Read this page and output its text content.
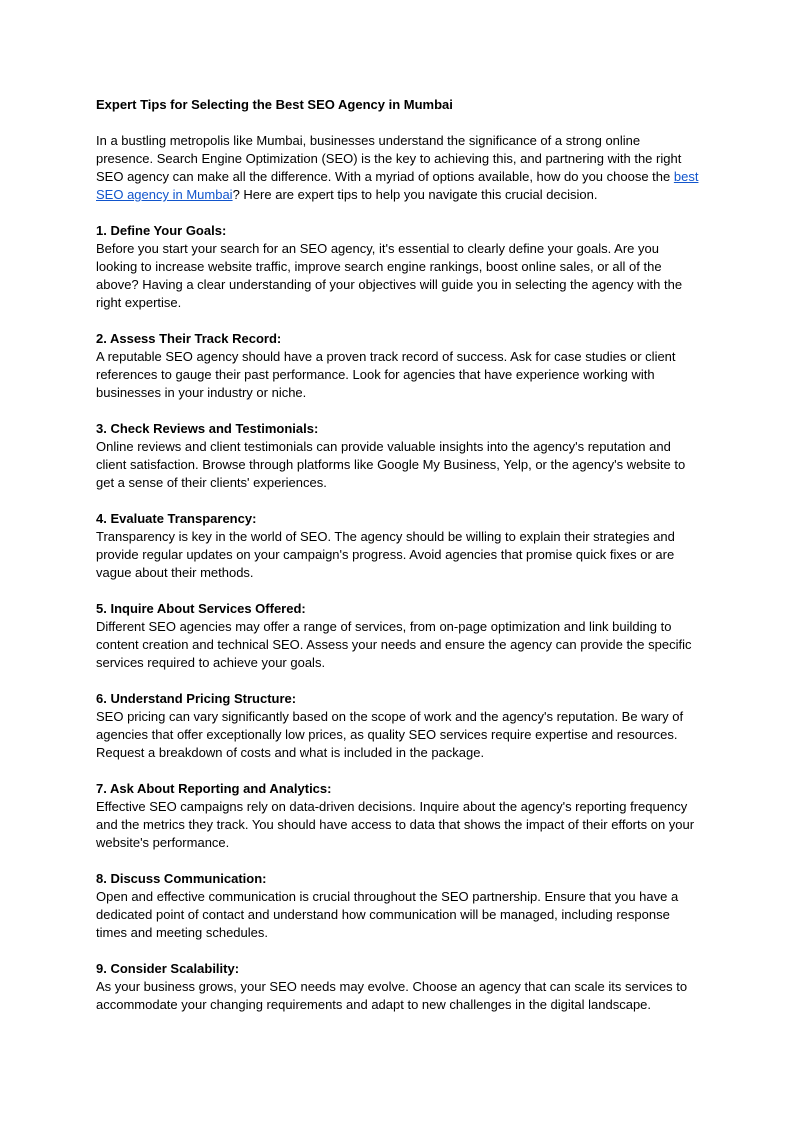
Expert Tips for Selecting the Best SEO Agency in Mumbai

In a bustling metropolis like Mumbai, businesses understand the significance of a strong online presence. Search Engine Optimization (SEO) is the key to achieving this, and partnering with the right SEO agency can make all the difference. With a myriad of options available, how do you choose the best SEO agency in Mumbai? Here are expert tips to help you navigate this crucial decision.

1. Define Your Goals:
Before you start your search for an SEO agency, it's essential to clearly define your goals. Are you looking to increase website traffic, improve search engine rankings, boost online sales, or all of the above? Having a clear understanding of your objectives will guide you in selecting the agency with the right expertise.
2. Assess Their Track Record:
A reputable SEO agency should have a proven track record of success. Ask for case studies or client references to gauge their past performance. Look for agencies that have experience working with businesses in your industry or niche.
3. Check Reviews and Testimonials:
Online reviews and client testimonials can provide valuable insights into the agency's reputation and client satisfaction. Browse through platforms like Google My Business, Yelp, or the agency's website to get a sense of their clients' experiences.
4. Evaluate Transparency:
Transparency is key in the world of SEO. The agency should be willing to explain their strategies and provide regular updates on your campaign's progress. Avoid agencies that promise quick fixes or are vague about their methods.
5. Inquire About Services Offered:
Different SEO agencies may offer a range of services, from on-page optimization and link building to content creation and technical SEO. Assess your needs and ensure the agency can provide the specific services required to achieve your goals.
6. Understand Pricing Structure:
SEO pricing can vary significantly based on the scope of work and the agency's reputation. Be wary of agencies that offer exceptionally low prices, as quality SEO services require expertise and resources. Request a breakdown of costs and what is included in the package.
7. Ask About Reporting and Analytics:
Effective SEO campaigns rely on data-driven decisions. Inquire about the agency's reporting frequency and the metrics they track. You should have access to data that shows the impact of their efforts on your website's performance.
8. Discuss Communication:
Open and effective communication is crucial throughout the SEO partnership. Ensure that you have a dedicated point of contact and understand how communication will be managed, including response times and meeting schedules.
9. Consider Scalability:
As your business grows, your SEO needs may evolve. Choose an agency that can scale its services to accommodate your changing requirements and adapt to new challenges in the digital landscape.
